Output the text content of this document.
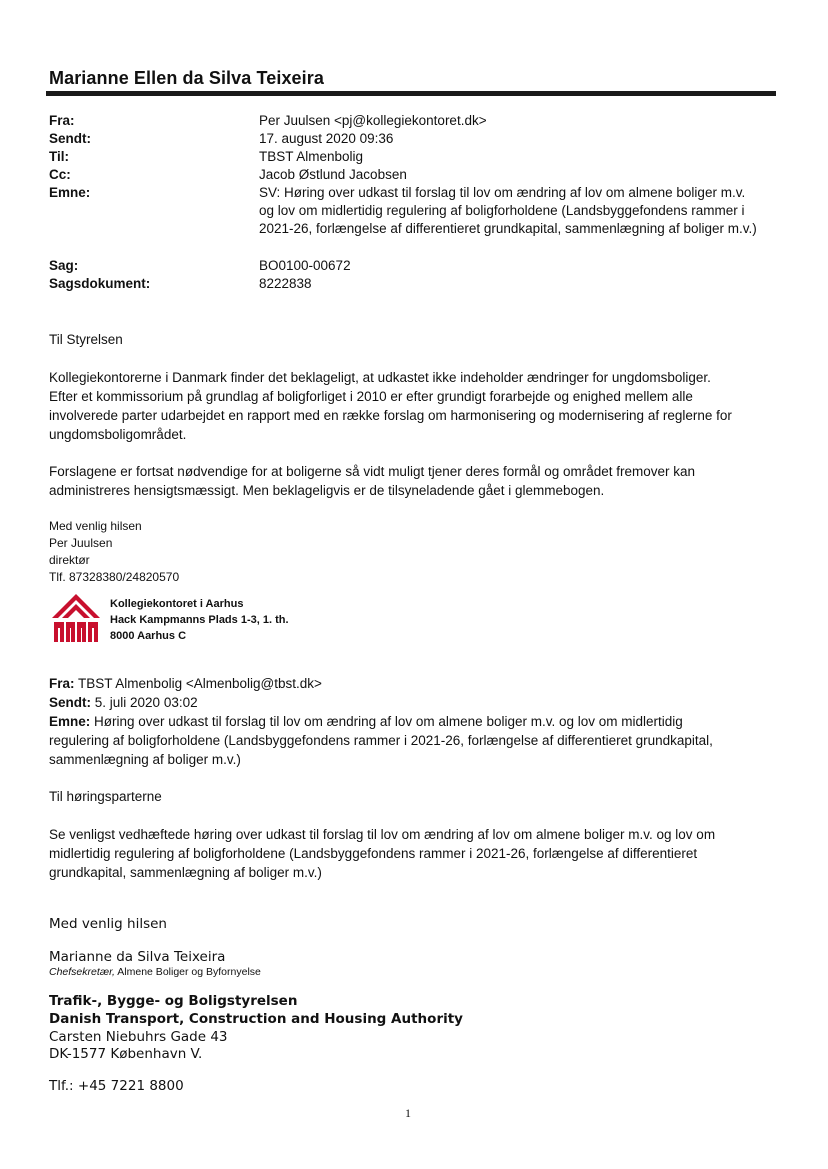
Marianne Ellen da Silva Teixeira
Fra:	Per Juulsen <pj@kollegiekontoret.dk>
Sendt:	17. august 2020 09:36
Til:	TBST Almenbolig
Cc:	Jacob Østlund Jacobsen
Emne:	SV: Høring over udkast til forslag til lov om ændring af lov om almene boliger m.v.
og lov om midlertidig regulering af boligforholdene (Landsbyggefondens rammer i
2021-26, forlængelse af differentieret grundkapital, sammenlægning af boliger m.v.)
Sag:	BO0100-00672
Sagsdokument:	8222838
Til Styrelsen
Kollegiekontorerne i Danmark finder det beklageligt, at udkastet ikke indeholder ændringer for ungdomsboliger.
Efter et kommissorium på grundlag af boligforliget i 2010 er efter grundigt forarbejde og enighed mellem alle
involverede parter udarbejdet en rapport med en række forslag om harmonisering og modernisering af reglerne for
ungdomsboligområdet.
Forslagene er fortsat nødvendige for at boligerne så vidt muligt tjener deres formål og området fremover kan
administreres hensigtsmæssigt. Men beklageligvis er de tilsyneladende gået i glemmebogen.
Med venlig hilsen
Per Juulsen
direktør
Tlf. 87328380/24820570
Kollegiekontoret i Aarhus
Hack Kampmanns Plads 1-3, 1. th.
8000 Aarhus C
Fra: TBST Almenbolig <Almenbolig@tbst.dk>
Sendt: 5. juli 2020 03:02
Emne: Høring over udkast til forslag til lov om ændring af lov om almene boliger m.v. og lov om midlertidig
regulering af boligforholdene (Landsbyggefondens rammer i 2021-26, forlængelse af differentieret grundkapital,
sammenlægning af boliger m.v.)
Til høringsparterne
Se venligst vedhæftede høring over udkast til forslag til lov om ændring af lov om almene boliger m.v. og lov om
midlertidig regulering af boligforholdene (Landsbyggefondens rammer i 2021-26, forlængelse af differentieret
grundkapital, sammenlægning af boliger m.v.)
Med venlig hilsen
Marianne da Silva Teixeira
Chefsekretær, Almene Boliger og Byfornyelse
Trafik-, Bygge- og Boligstyrelsen
Danish Transport, Construction and Housing Authority
Carsten Niebuhrs Gade 43
DK-1577 København V.
Tlf.: +45 7221 8800
1
